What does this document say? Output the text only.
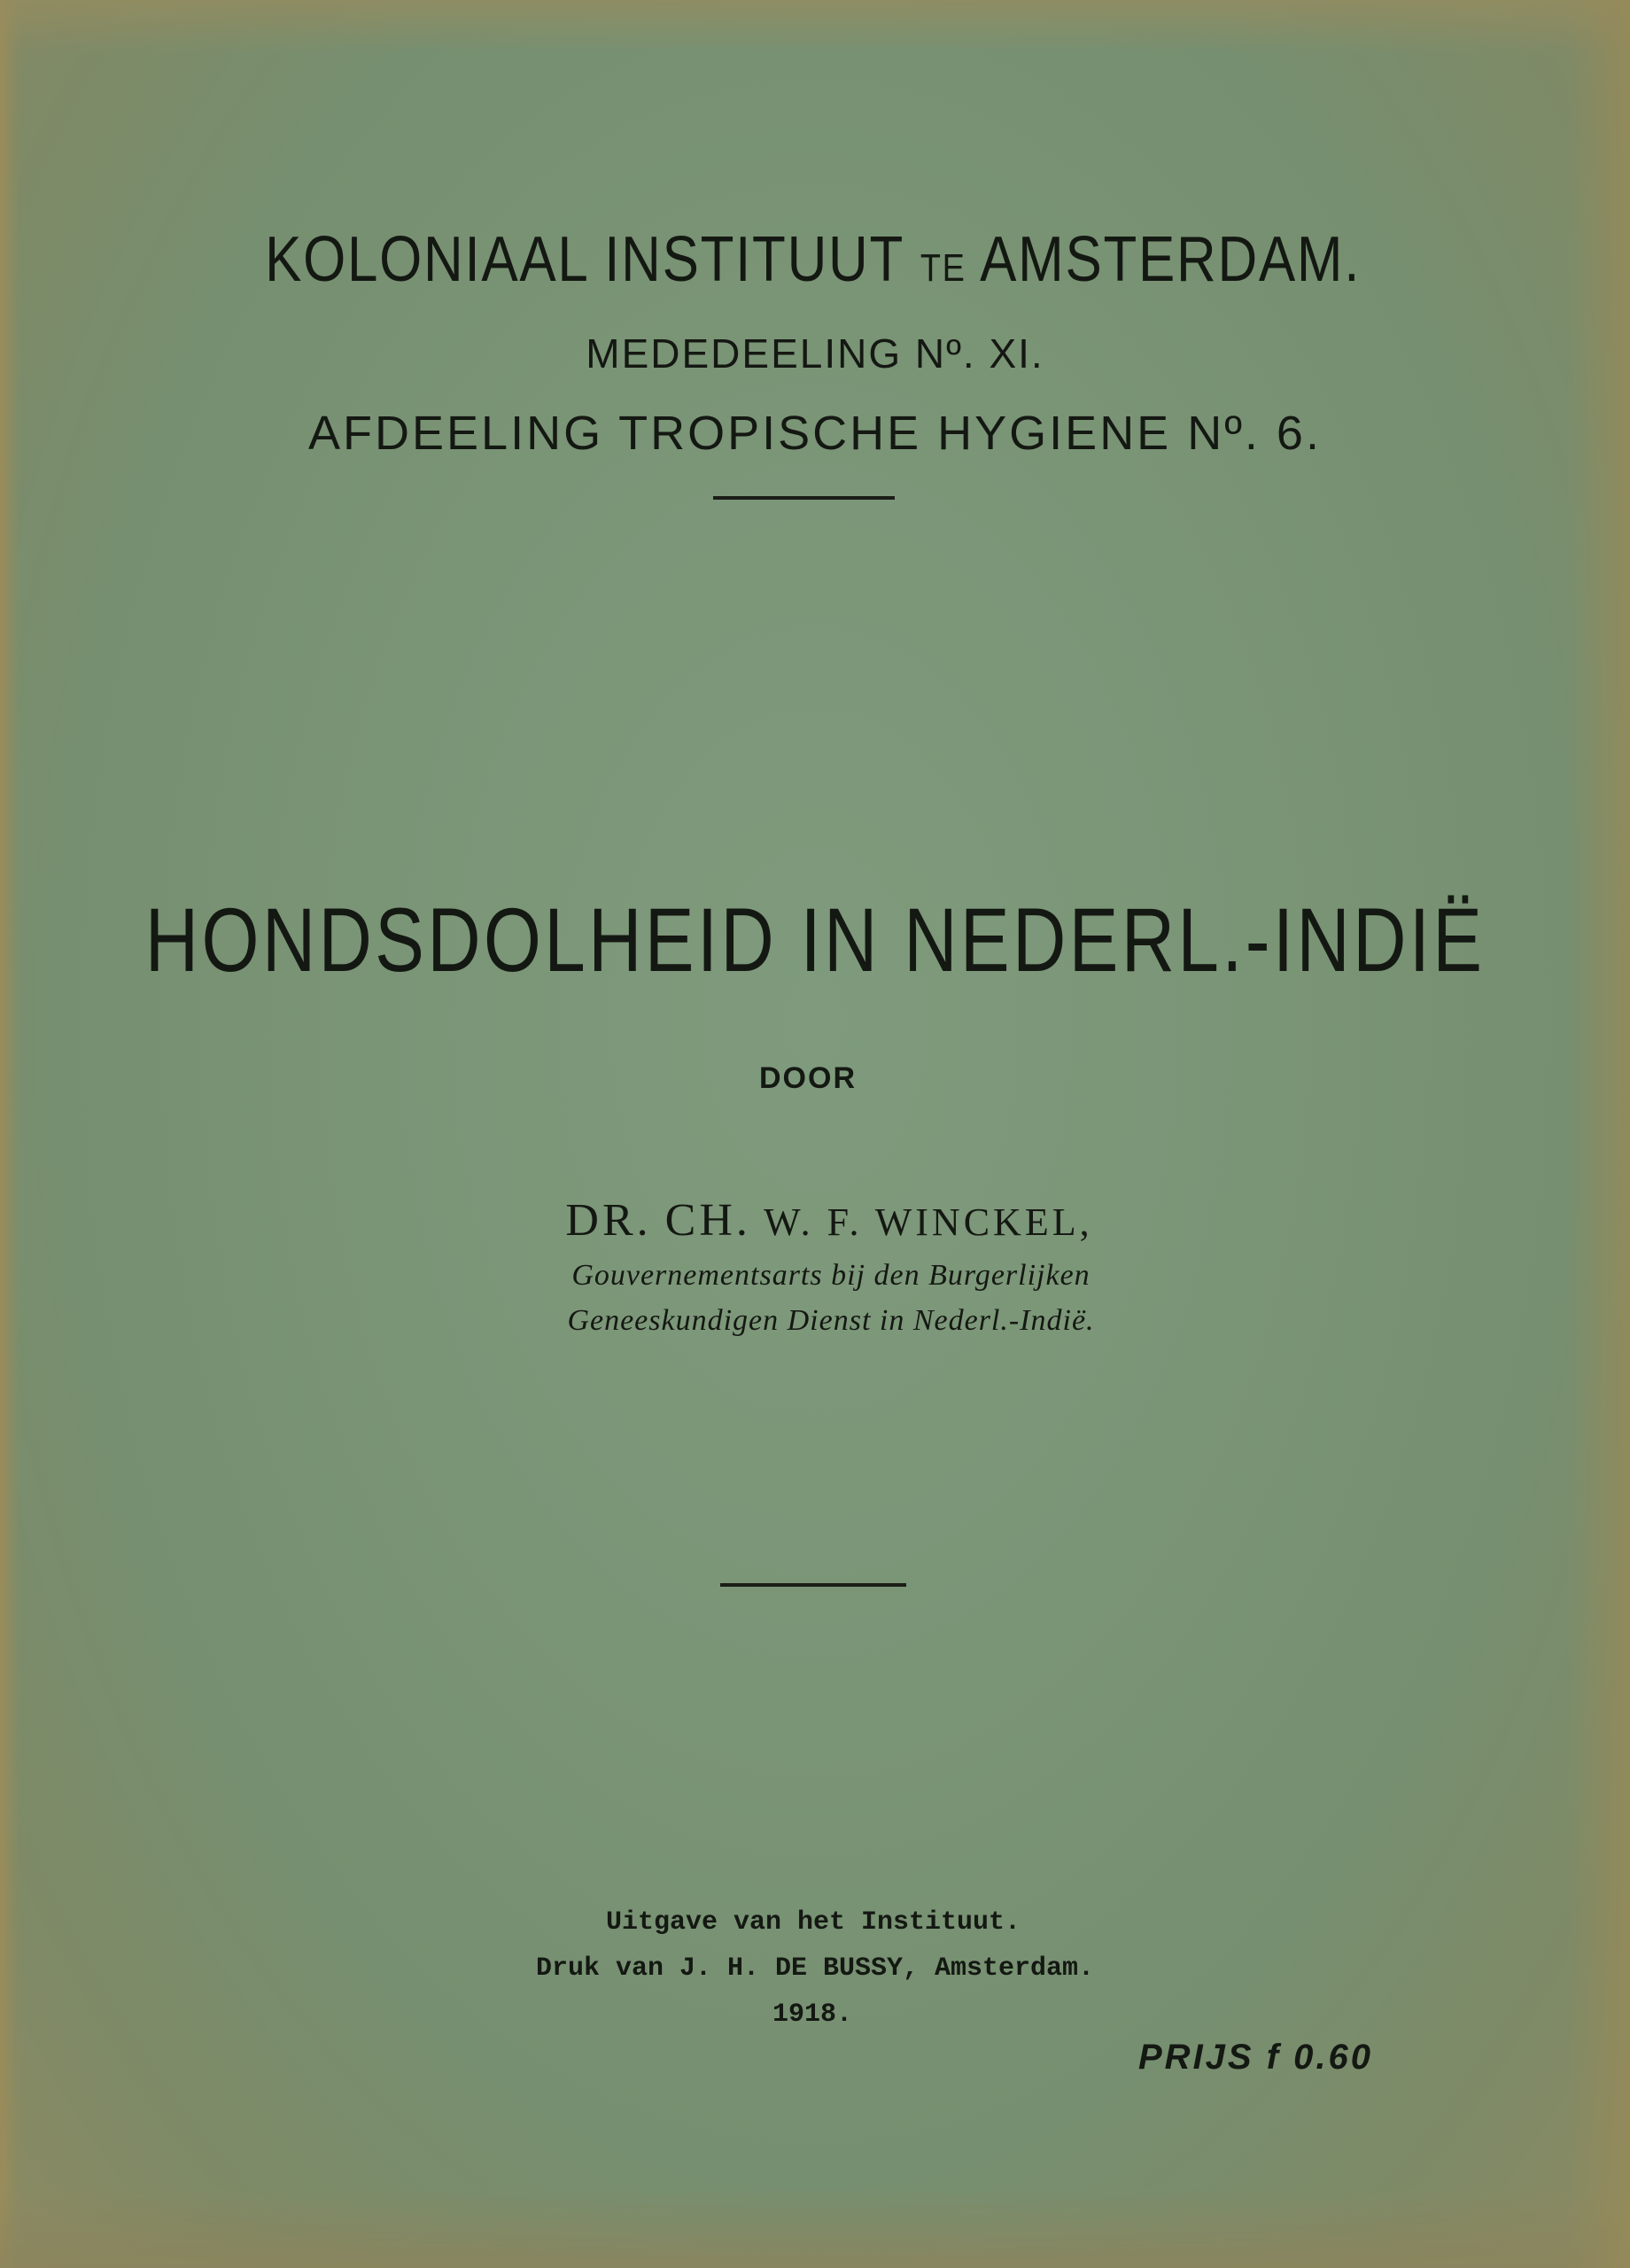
KOLONIAAL INSTITUUT TE AMSTERDAM.

MEDEDEELING Nº. XI.

AFDEELING TROPISCHE HYGIENE Nº. 6.

HONDSDOLHEID IN NEDERL.-INDIË

DOOR

DR. CH. W. F. WINCKEL,

Gouvernementsarts bij den Burgerlijken

Geneeskundigen Dienst in Nederl.-Indië.

Uitgave van het Instituut.

Druk van J. H. DE BUSSY, Amsterdam.

1918.

PRIJS f 0.60
